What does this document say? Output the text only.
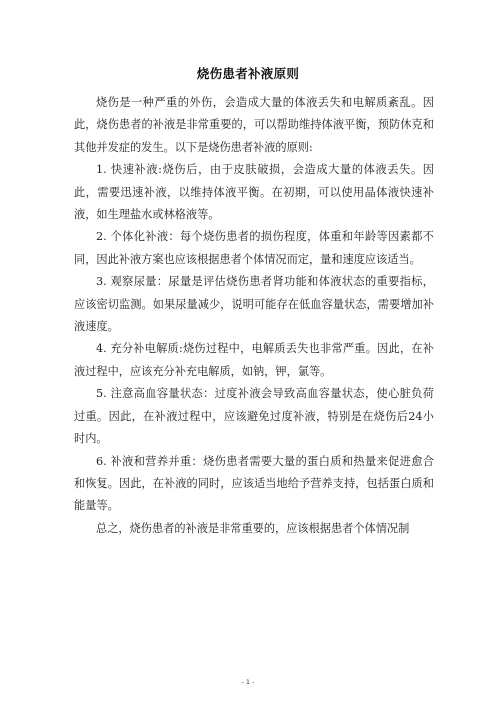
烧伤患者补液原则

烧伤是一种严重的外伤，会造成大量的体液丢失和电解质紊乱。因此，烧伤患者的补液是非常重要的，可以帮助维持体液平衡，预防休克和其他并发症的发生。以下是烧伤患者补液的原则:

1. 快速补液:烧伤后，由于皮肤破损，会造成大量的体液丢失。因此，需要迅速补液，以维持体液平衡。在初期，可以使用晶体液快速补液，如生理盐水或林格液等。

2. 个体化补液：每个烧伤患者的损伤程度，体重和年龄等因素都不同，因此补液方案也应该根据患者个体情况而定，量和速度应该适当。

3. 观察尿量：尿量是评估烧伤患者肾功能和体液状态的重要指标，应该密切监测。如果尿量减少，说明可能存在低血容量状态，需要增加补液速度。

4. 充分补电解质:烧伤过程中，电解质丢失也非常严重。因此，在补液过程中，应该充分补充电解质，如钠，钾，氯等。

5. 注意高血容量状态：过度补液会导致高血容量状态，使心脏负荷过重。因此，在补液过程中，应该避免过度补液，特别是在烧伤后24小时内。

6. 补液和营养并重：烧伤患者需要大量的蛋白质和热量来促进愈合和恢复。因此，在补液的同时，应该适当地给予营养支持，包括蛋白质和能量等。

总之，烧伤患者的补液是非常重要的，应该根据患者个体情况制

- 1 -
